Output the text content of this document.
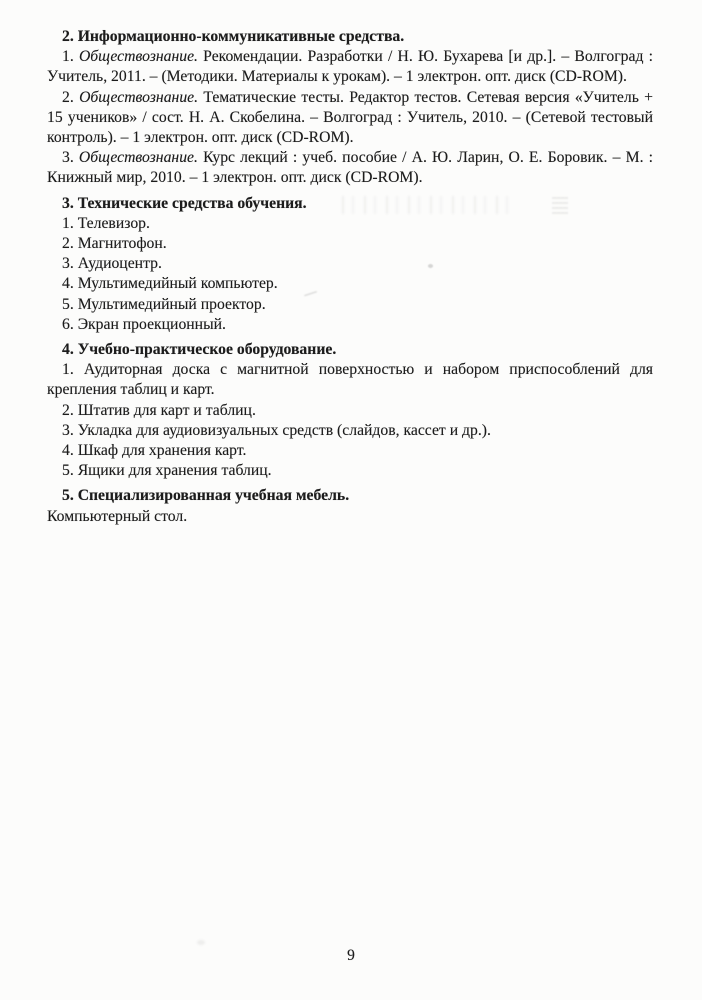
2. Информационно-коммуникативные средства.

1. Обществознание. Рекомендации. Разработки / Н. Ю. Бухарева [и др.]. – Волгоград : Учитель, 2011. – (Методики. Материалы к урокам). – 1 электрон. опт. диск (CD-ROM).

2. Обществознание. Тематические тесты. Редактор тестов. Сетевая версия «Учитель + 15 учеников» / сост. Н. А. Скобелина. – Волгоград : Учитель, 2010. – (Сетевой тестовый контроль). – 1 электрон. опт. диск (CD-ROM).

3. Обществознание. Курс лекций : учеб. пособие / А. Ю. Ларин, О. Е. Боровик. – М. : Книжный мир, 2010. – 1 электрон. опт. диск (CD-ROM).

3. Технические средства обучения.

1. Телевизор.

2. Магнитофон.

3. Аудиоцентр.

4. Мультимедийный компьютер.

5. Мультимедийный проектор.

6. Экран проекционный.

4. Учебно-практическое оборудование.

1. Аудиторная доска с магнитной поверхностью и набором приспособлений для крепления таблиц и карт.

2. Штатив для карт и таблиц.

3. Укладка для аудиовизуальных средств (слайдов, кассет и др.).

4. Шкаф для хранения карт.

5. Ящики для хранения таблиц.

5. Специализированная учебная мебель.

Компьютерный стол.

9
